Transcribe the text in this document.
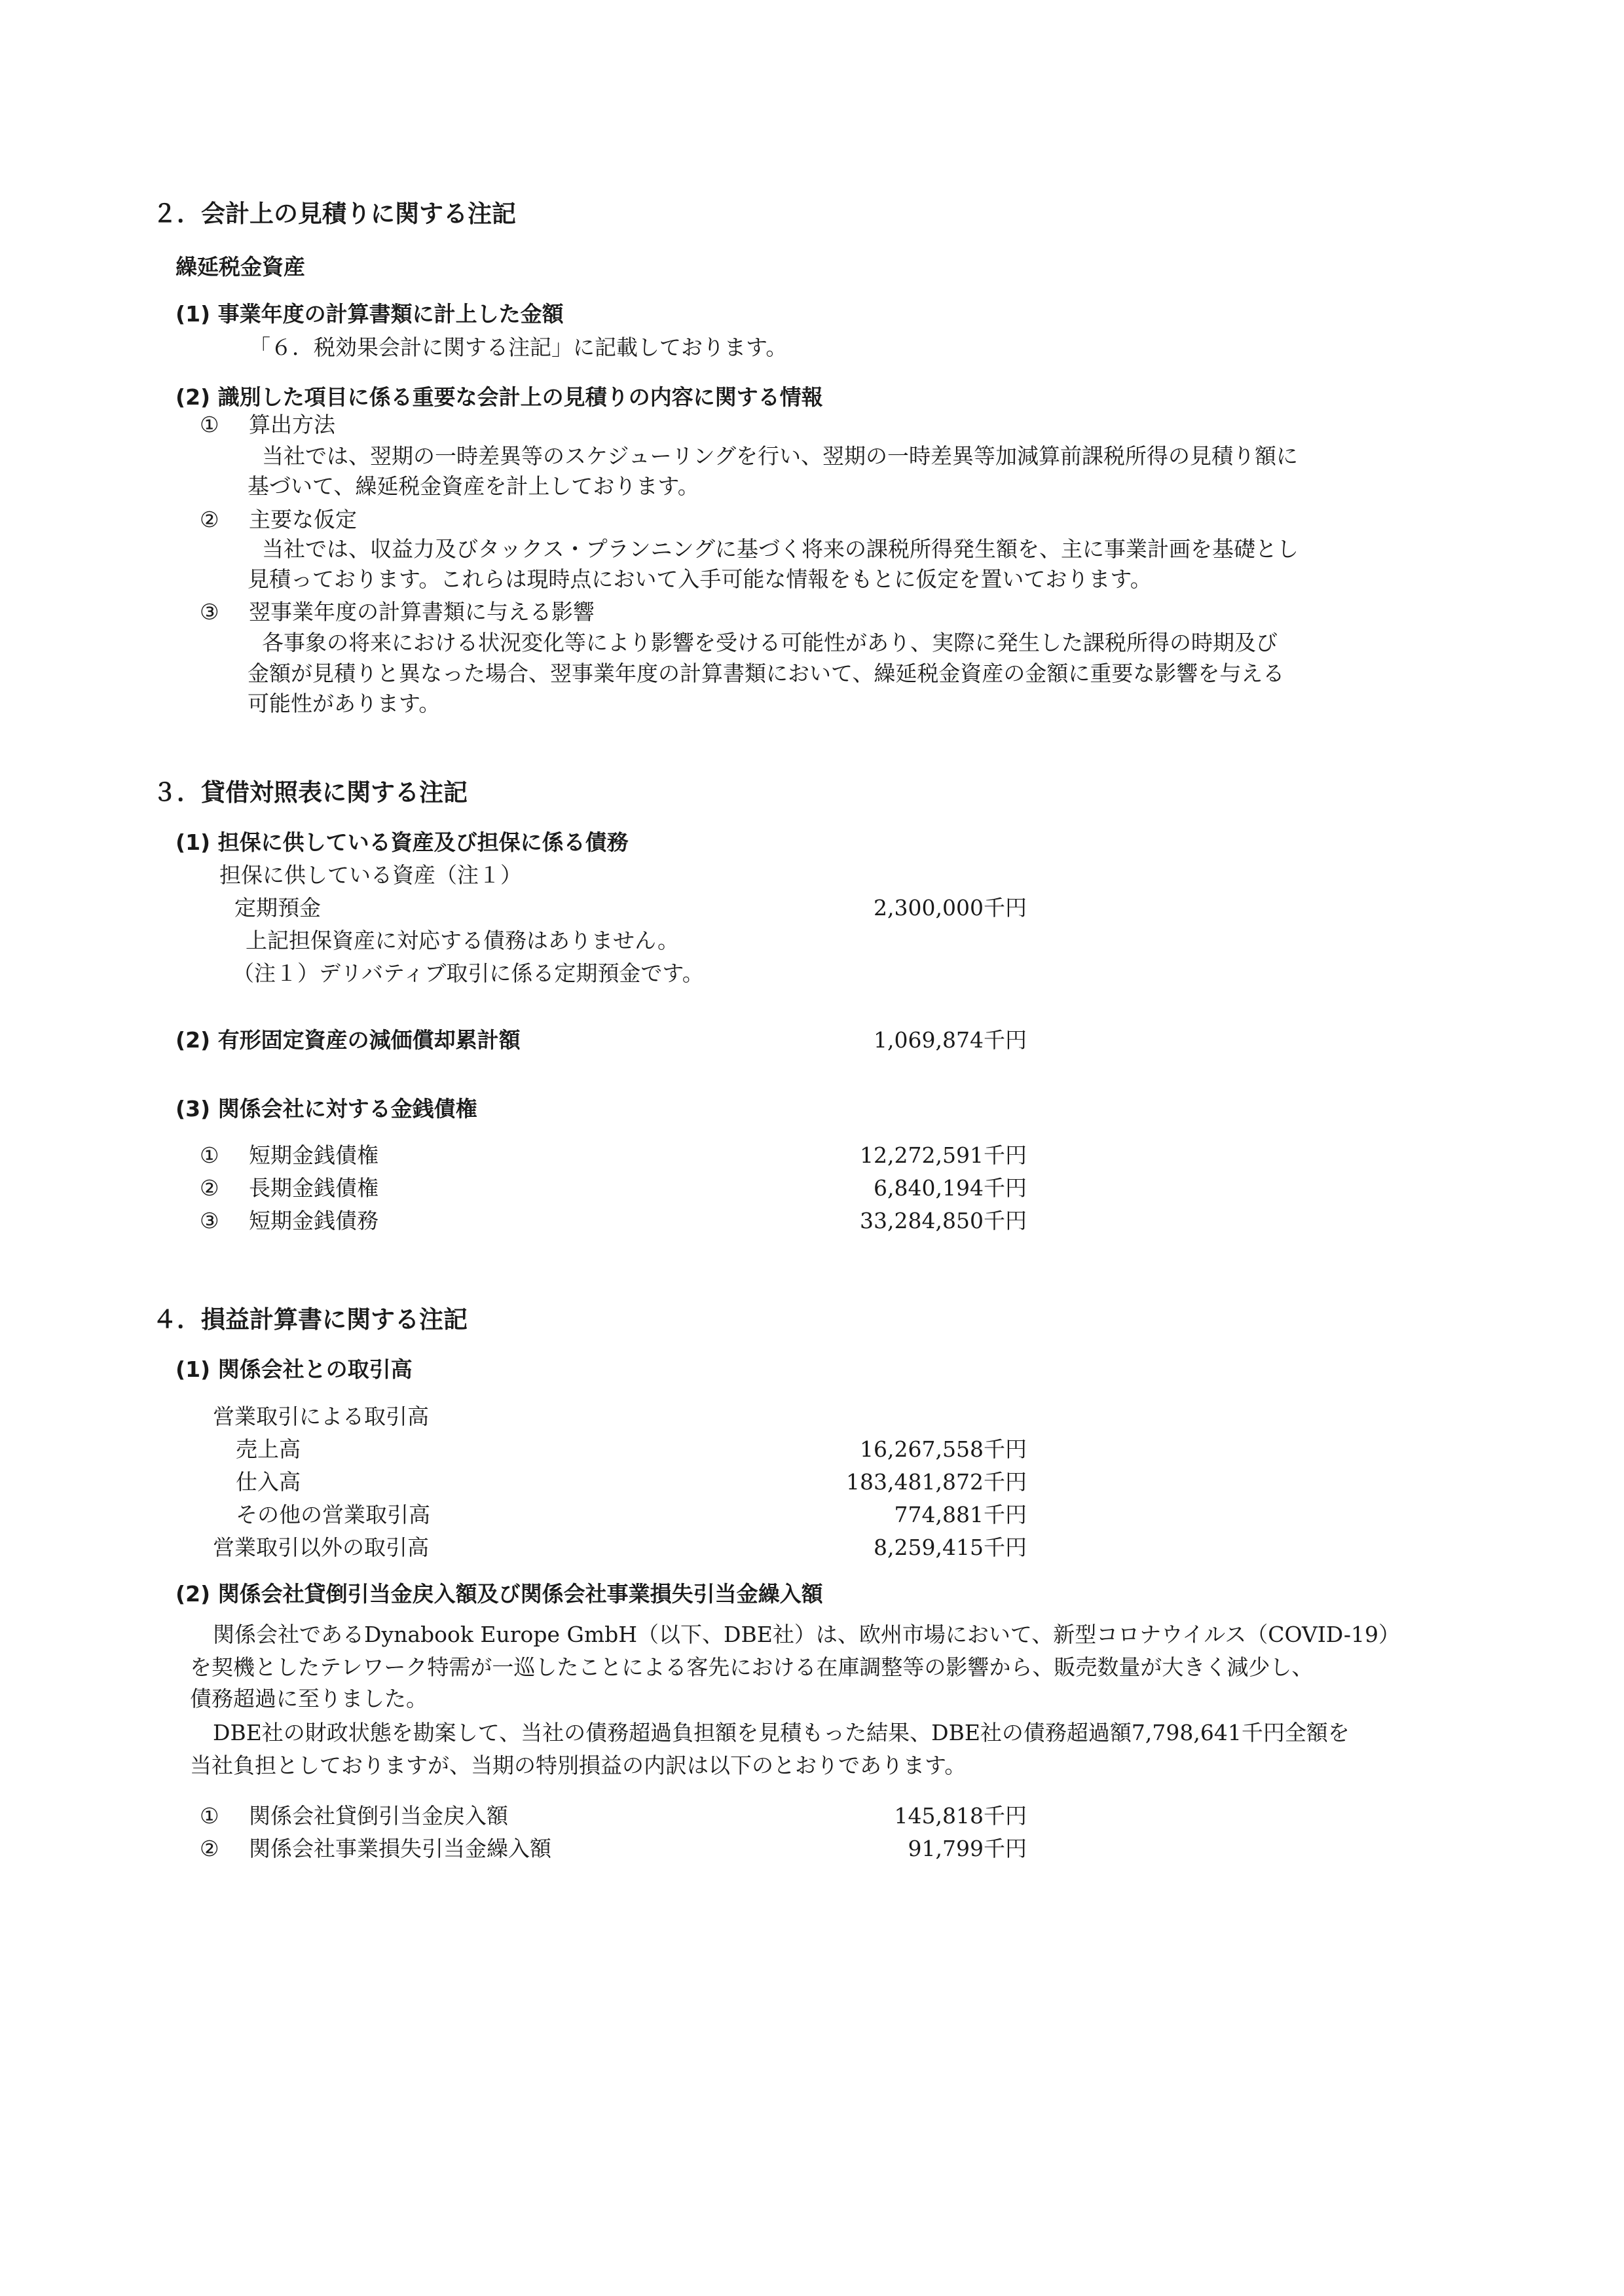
２．会計上の見積りに関する注記
繰延税金資産
(1) 事業年度の計算書類に計上した金額
「６．税効果会計に関する注記」に記載しております。
(2) 識別した項目に係る重要な会計上の見積りの内容に関する情報
① 算出方法
当社では、翌期の一時差異等のスケジューリングを行い、翌期の一時差異等加減算前課税所得の見積り額に
基づいて、繰延税金資産を計上しております。
② 主要な仮定
当社では、収益力及びタックス・プランニングに基づく将来の課税所得発生額を、主に事業計画を基礎とし
見積っております。これらは現時点において入手可能な情報をもとに仮定を置いております。
③ 翌事業年度の計算書類に与える影響
各事象の将来における状況変化等により影響を受ける可能性があり、実際に発生した課税所得の時期及び
金額が見積りと異なった場合、翌事業年度の計算書類において、繰延税金資産の金額に重要な影響を与える
可能性があります。
３．貸借対照表に関する注記
(1) 担保に供している資産及び担保に係る債務
担保に供している資産（注１）
定期預金	2,300,000千円
上記担保資産に対応する債務はありません。
（注１）デリバティブ取引に係る定期預金です。
(2) 有形固定資産の減価償却累計額	1,069,874千円
(3) 関係会社に対する金銭債権
① 短期金銭債権	12,272,591千円
② 長期金銭債権	6,840,194千円
③ 短期金銭債務	33,284,850千円
４．損益計算書に関する注記
(1) 関係会社との取引高
営業取引による取引高
売上高	16,267,558千円
仕入高	183,481,872千円
その他の営業取引高	774,881千円
営業取引以外の取引高	8,259,415千円
(2) 関係会社貸倒引当金戻入額及び関係会社事業損失引当金繰入額
関係会社であるDynabook Europe GmbH（以下、DBE社）は、欧州市場において、新型コロナウイルス（COVID-19）
を契機としたテレワーク特需が一巡したことによる客先における在庫調整等の影響から、販売数量が大きく減少し、
債務超過に至りました。
DBE社の財政状態を勘案して、当社の債務超過負担額を見積もった結果、DBE社の債務超過額7,798,641千円全額を
当社負担としておりますが、当期の特別損益の内訳は以下のとおりであります。
① 関係会社貸倒引当金戻入額	145,818千円
② 関係会社事業損失引当金繰入額	91,799千円
